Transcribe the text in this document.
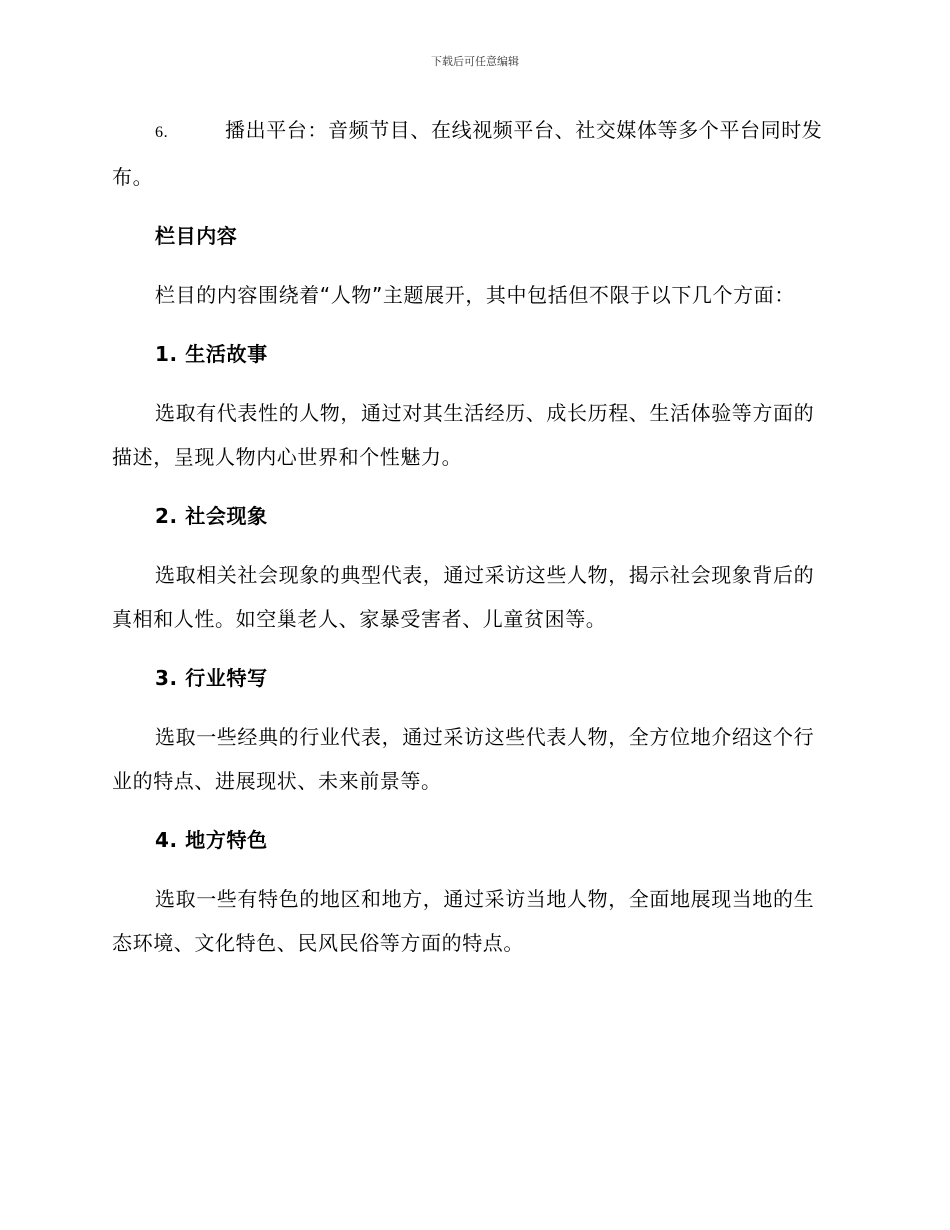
下载后可任意编辑

6.	播出平台：音频节目、在线视频平台、社交媒体等多个平台同时发布。

栏目内容

栏目的内容围绕着“人物”主题展开，其中包括但不限于以下几个方面：

1. 生活故事

选取有代表性的人物，通过对其生活经历、成长历程、生活体验等方面的描述，呈现人物内心世界和个性魅力。

2. 社会现象

选取相关社会现象的典型代表，通过采访这些人物，揭示社会现象背后的真相和人性。如空巢老人、家暴受害者、儿童贫困等。

3. 行业特写

选取一些经典的行业代表，通过采访这些代表人物，全方位地介绍这个行业的特点、进展现状、未来前景等。

4. 地方特色

选取一些有特色的地区和地方，通过采访当地人物，全面地展现当地的生态环境、文化特色、民风民俗等方面的特点。
